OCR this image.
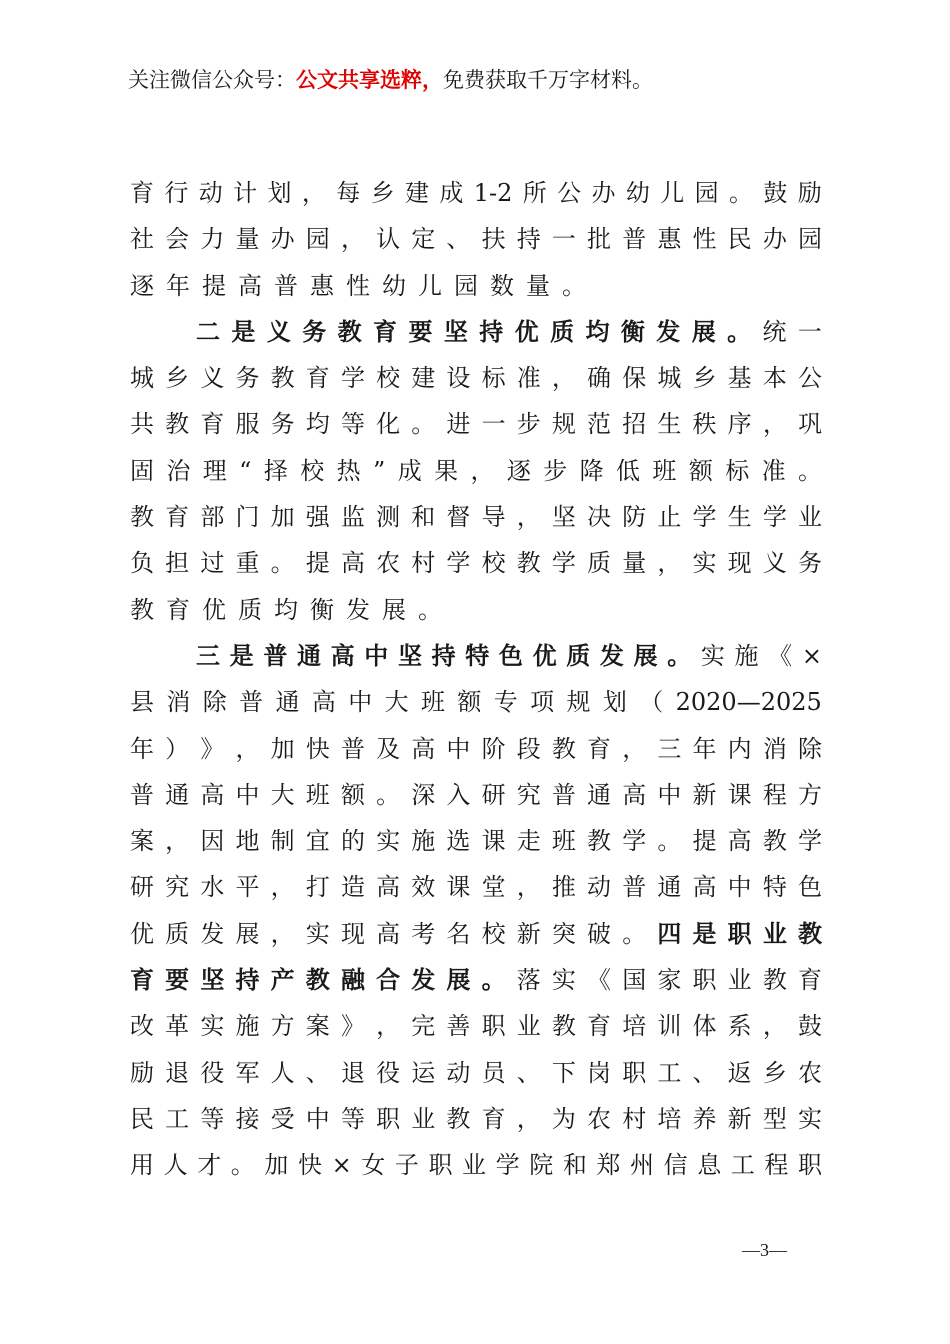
关注微信公众号：公文共享选粹，免费获取千万字材料。
育 行 动 计 划 ， 每 乡 建 成 1-2 所 公 办 幼 儿 园 。 鼓 励
社 会 力 量 办 园 ， 认 定 、 扶 持 一 批 普 惠 性 民 办 园
逐 年 提 高 普 惠 性 幼 儿 园 数 量 。
二 是 义 务 教 育 要 坚 持 优 质 均 衡 发 展 。 统 一
城 乡 义 务 教 育 学 校 建 设 标 准 ， 确 保 城 乡 基 本 公
共 教 育 服 务 均 等 化 。 进 一 步 规 范 招 生 秩 序 ， 巩
固 治 理 “ 择 校 热 ” 成 果 ， 逐 步 降 低 班 额 标 准 。
教 育 部 门 加 强 监 测 和 督 导 ， 坚 决 防 止 学 生 学 业
负 担 过 重 。 提 高 农 村 学 校 教 学 质 量 ， 实 现 义 务
教 育 优 质 均 衡 发 展 。
三 是 普 通 高 中 坚 持 特 色 优 质 发 展 。 实 施 《 ×
县 消 除 普 通 高 中 大 班 额 专 项 规 划 （ 2020—2025
年 ） 》 ， 加 快 普 及 高 中 阶 段 教 育 ， 三 年 内 消 除
普 通 高 中 大 班 额 。 深 入 研 究 普 通 高 中 新 课 程 方
案 ， 因 地 制 宜 的 实 施 选 课 走 班 教 学 。 提 高 教 学
研 究 水 平 ， 打 造 高 效 课 堂 ， 推 动 普 通 高 中 特 色
优 质 发 展 ， 实 现 高 考 名 校 新 突 破 。 四 是 职 业 教
育 要 坚 持 产 教 融 合 发 展 。 落 实 《 国 家 职 业 教 育
改 革 实 施 方 案 》 ， 完 善 职 业 教 育 培 训 体 系 ， 鼓
励 退 役 军 人 、 退 役 运 动 员 、 下 岗 职 工 、 返 乡 农
民 工 等 接 受 中 等 职 业 教 育 ， 为 农 村 培 养 新 型 实
用 人 才 。 加 快 × 女 子 职 业 学 院 和 郑 州 信 息 工 程 职
—3—
